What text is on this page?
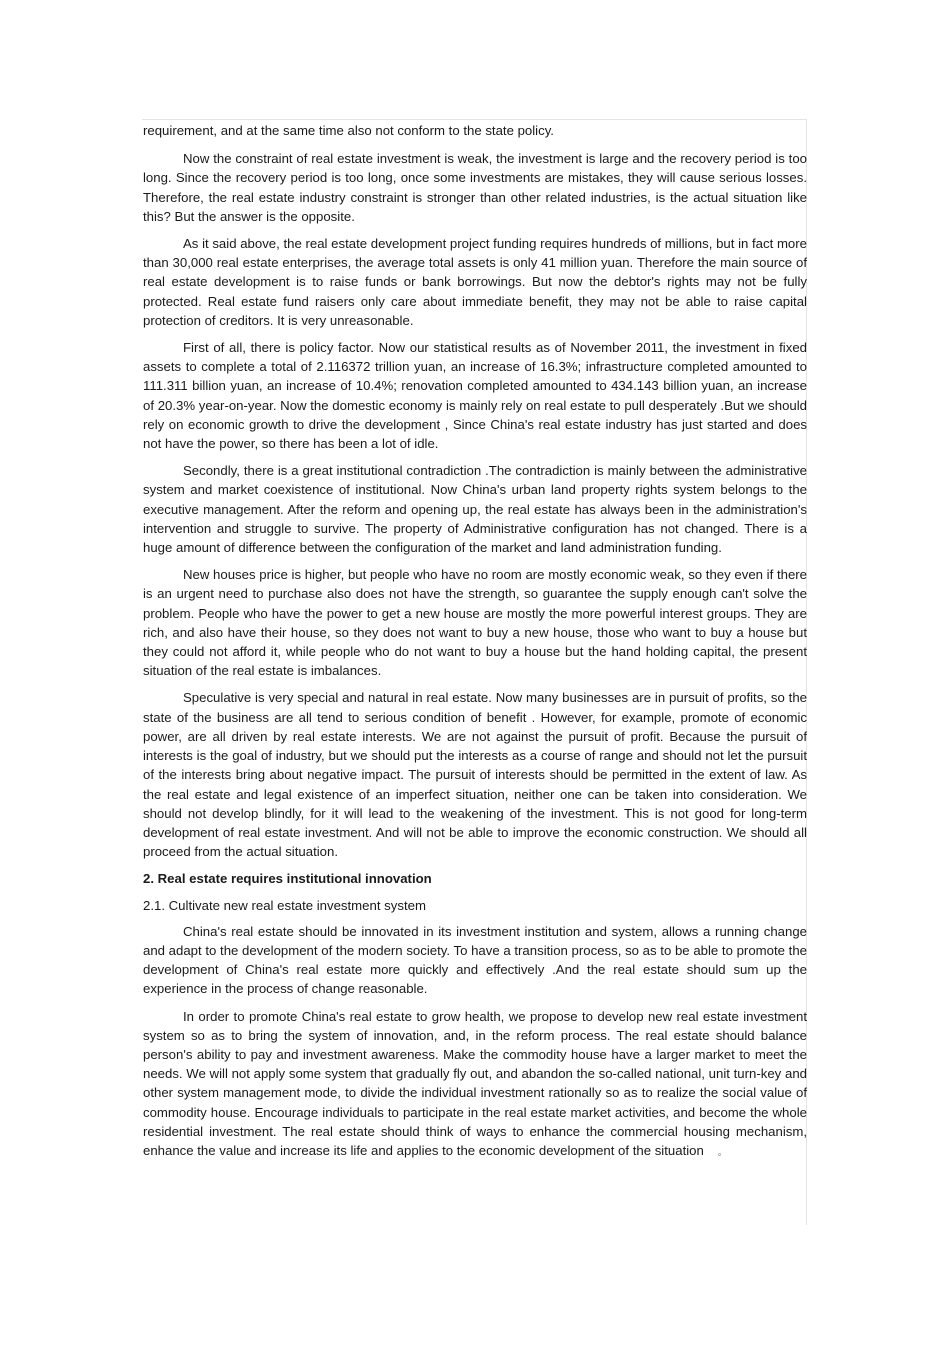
requirement, and at the same time also not conform to the state policy.

Now the constraint of real estate investment is weak, the investment is large and the recovery period is too long. Since the recovery period is too long, once some investments are mistakes, they will cause serious losses. Therefore, the real estate industry constraint is stronger than other related industries, is the actual situation like this? But the answer is the opposite.

As it said above, the real estate development project funding requires hundreds of millions, but in fact more than 30,000 real estate enterprises, the average total assets is only 41 million yuan. Therefore the main source of real estate development is to raise funds or bank borrowings. But now the debtor's rights may not be fully protected. Real estate fund raisers only care about immediate benefit, they may not be able to raise capital protection of creditors. It is very unreasonable.

First of all, there is policy factor. Now our statistical results as of November 2011, the investment in fixed assets to complete a total of 2.116372 trillion yuan, an increase of 16.3%; infrastructure completed amounted to 111.311 billion yuan, an increase of 10.4%; renovation completed amounted to 434.143 billion yuan, an increase of 20.3% year-on-year. Now the domestic economy is mainly rely on real estate to pull desperately .But we should rely on economic growth to drive the development , Since China's real estate industry has just started and does not have the power, so there has been a lot of idle.

Secondly, there is a great institutional contradiction .The contradiction is mainly between the administrative system and market coexistence of institutional. Now China's urban land property rights system belongs to the executive management. After the reform and opening up, the real estate has always been in the administration's intervention and struggle to survive. The property of Administrative configuration has not changed. There is a huge amount of difference between the configuration of the market and land administration funding.

New houses price is higher, but people who have no room are mostly economic weak, so they even if there is an urgent need to purchase also does not have the strength, so guarantee the supply enough can't solve the problem. People who have the power to get a new house are mostly the more powerful interest groups. They are rich, and also have their house, so they does not want to buy a new house, those who want to buy a house but they could not afford it, while people who do not want to buy a house but the hand holding capital, the present situation of the real estate is imbalances.

Speculative is very special and natural in real estate. Now many businesses are in pursuit of profits, so the state of the business are all tend to serious condition of benefit . However, for example, promote of economic power, are all driven by real estate interests. We are not against the pursuit of profit. Because the pursuit of interests is the goal of industry, but we should put the interests as a course of range and should not let the pursuit of the interests bring about negative impact. The pursuit of interests should be permitted in the extent of law. As the real estate and legal existence of an imperfect situation, neither one can be taken into consideration. We should not develop blindly, for it will lead to the weakening of the investment. This is not good for long-term development of real estate investment. And will not be able to improve the economic construction. We should all proceed from the actual situation.

2. Real estate requires institutional innovation
2.1. Cultivate new real estate investment system

China's real estate should be innovated in its investment institution and system, allows a running change and adapt to the development of the modern society. To have a transition process, so as to be able to promote the development of China's real estate more quickly and effectively .And the real estate should sum up the experience in the process of change reasonable.

In order to promote China's real estate to grow health, we propose to develop new real estate investment system so as to bring the system of innovation, and, in the reform process. The real estate should balance person's ability to pay and investment awareness. Make the commodity house have a larger market to meet the needs. We will not apply some system that gradually fly out, and abandon the so-called national, unit turn-key and other system management mode, to divide the individual investment rationally so as to realize the social value of commodity house. Encourage individuals to participate in the real estate market activities, and become the whole residential investment. The real estate should think of ways to enhance the commercial housing mechanism, enhance the value and increase its life and applies to the economic development of the situation 。
